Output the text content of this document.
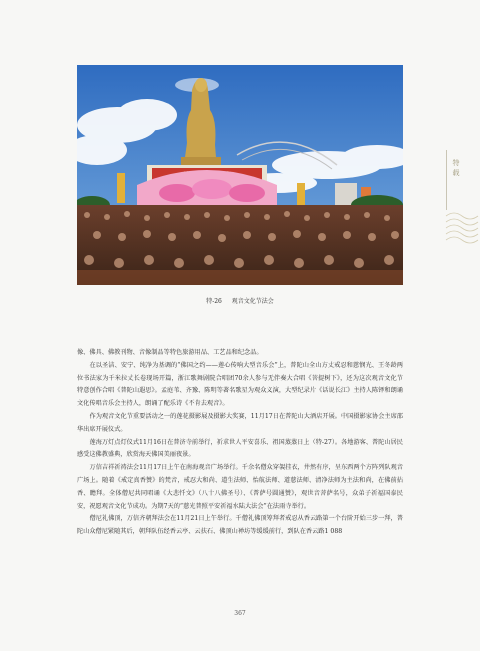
特-26 观音文化节法会
特载

像、佛具、佛教刊物、音像制品等特色旅游用品、工艺品和纪念品。

在以圣洁、安宁、纯净为基调的“佛国之约——莲心传响大型音乐会”上，普陀山全山方丈戒忍和慈悯光、王冬龄两位书法家为千米拉丈长卷现场开篇，浙江歌舞剧院合唱团70余人参与无伴奏大合唱《菩提树下》，还为这次观音文化节特意创作合唱《普陀山遐思》。孟庭苇、齐豫、陈明等著名歌星为观众义演，大型纪录片《话说长江》主持人陈铎和朗诵文化传唱音乐会主持人，朗诵了配乐诗《不肯去观音》。

作为观音文化节重要活动之一的莲花摄影展及摄影大奖赛，11月17日在普陀山大酒店开展。中国摄影家协会主席邵华出席开展仪式。

莲海万灯点灯仪式11月16日在普济寺前举行，祈求世人平安喜乐、祖国蒸蒸日上（特-27）。各地游客、普陀山居民感受这佛教盛典，欣赏海天佛国美丽夜景。

万信吉祥祈祷法会11月17日上午在南海观音广场举行。千余名僧众穿袈挂衣，井然有序，呈东西两个方阵列队观音广场上。随着《戒定真香赞》的梵音，戒忍大和尚、道生法师、怡航法师、道慈法师、清净法师为主法和尚，在佛前拈香、瞻拜。全体僧尼共同唱诵《大悲忏文》（八十八佛圣号）、《普萨号圆通赞》，观世音菩萨名号，众弟子祈福国泰民安，祝愿观音文化节成功。为期7天的“慈光普照平安祈福水陆大法会”在法雨寺举行。

僧尼礼佛顶，万信齐朝拜法会在11月21日上午举行。千僧礼佛顶筹拜者戒忍从香云路第一个台阶开始三步一拜，普陀山众僧尼紧随其后，朝拜队伍经香云亭、云扶石、佛顶山禅坊等缓缓前行，到队在香云路1 088

367
